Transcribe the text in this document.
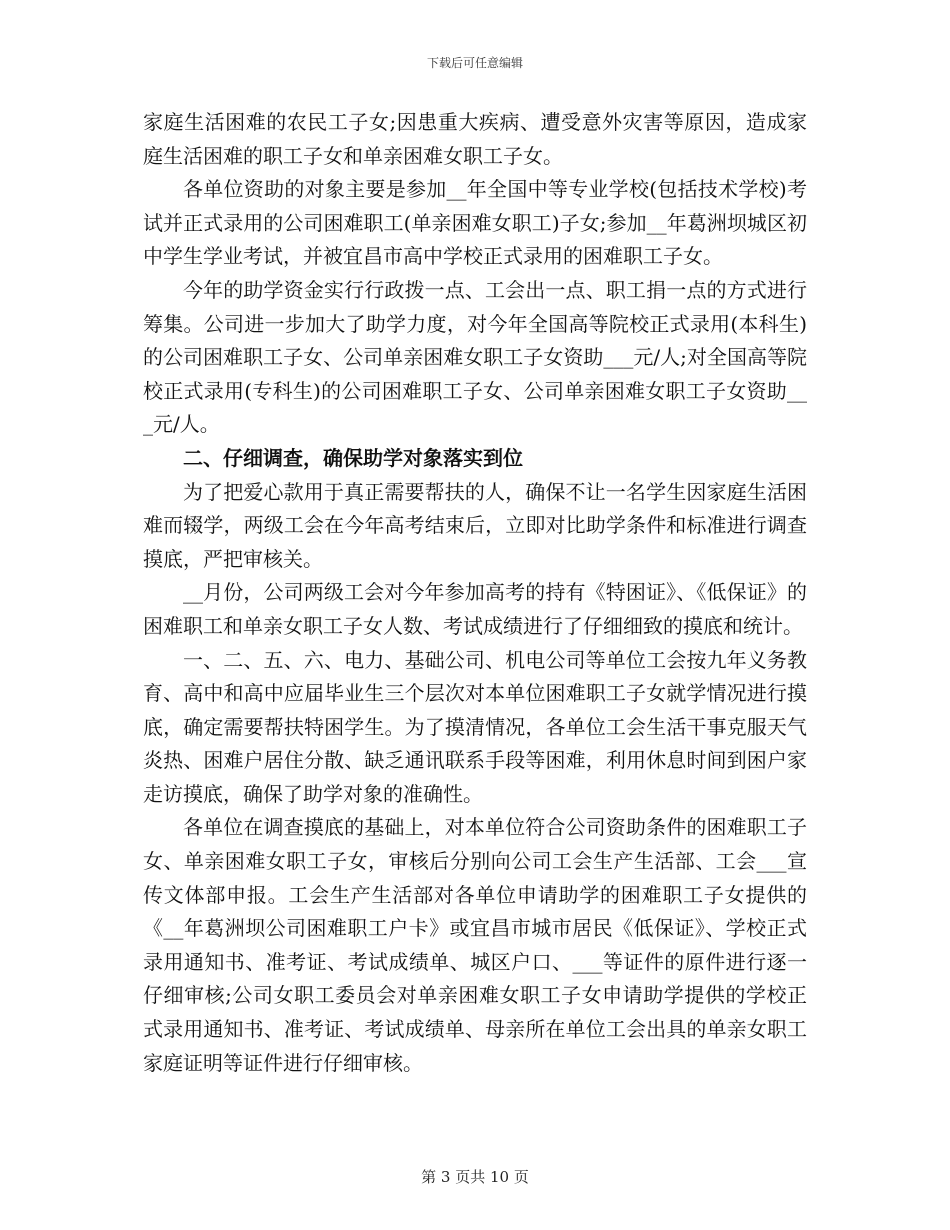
下载后可任意编辑

家庭生活困难的农民工子女;因患重大疾病、遭受意外灾害等原因，造成家庭生活困难的职工子女和单亲困难女职工子女。

各单位资助的对象主要是参加__年全国中等专业学校(包括技术学校)考试并正式录用的公司困难职工(单亲困难女职工)子女;参加__年葛洲坝城区初中学生学业考试，并被宜昌市高中学校正式录用的困难职工子女。

今年的助学资金实行行政拨一点、工会出一点、职工捐一点的方式进行筹集。公司进一步加大了助学力度，对今年全国高等院校正式录用(本科生)的公司困难职工子女、公司单亲困难女职工子女资助___元/人;对全国高等院校正式录用(专科生)的公司困难职工子女、公司单亲困难女职工子女资助___元/人。

二、仔细调查，确保助学对象落实到位

为了把爱心款用于真正需要帮扶的人，确保不让一名学生因家庭生活困难而辍学，两级工会在今年高考结束后，立即对比助学条件和标准进行调查摸底，严把审核关。

__月份，公司两级工会对今年参加高考的持有《特困证》、《低保证》的困难职工和单亲女职工子女人数、考试成绩进行了仔细细致的摸底和统计。

一、二、五、六、电力、基础公司、机电公司等单位工会按九年义务教育、高中和高中应届毕业生三个层次对本单位困难职工子女就学情况进行摸底，确定需要帮扶特困学生。为了摸清情况，各单位工会生活干事克服天气炎热、困难户居住分散、缺乏通讯联系手段等困难，利用休息时间到困户家走访摸底，确保了助学对象的准确性。

各单位在调查摸底的基础上，对本单位符合公司资助条件的困难职工子女、单亲困难女职工子女，审核后分别向公司工会生产生活部、工会___宣传文体部申报。工会生产生活部对各单位申请助学的困难职工子女提供的《__年葛洲坝公司困难职工户卡》或宜昌市城市居民《低保证》、学校正式录用通知书、准考证、考试成绩单、城区户口、___等证件的原件进行逐一仔细审核;公司女职工委员会对单亲困难女职工子女申请助学提供的学校正式录用通知书、准考证、考试成绩单、母亲所在单位工会出具的单亲女职工家庭证明等证件进行仔细审核。

第 3 页共 10 页
